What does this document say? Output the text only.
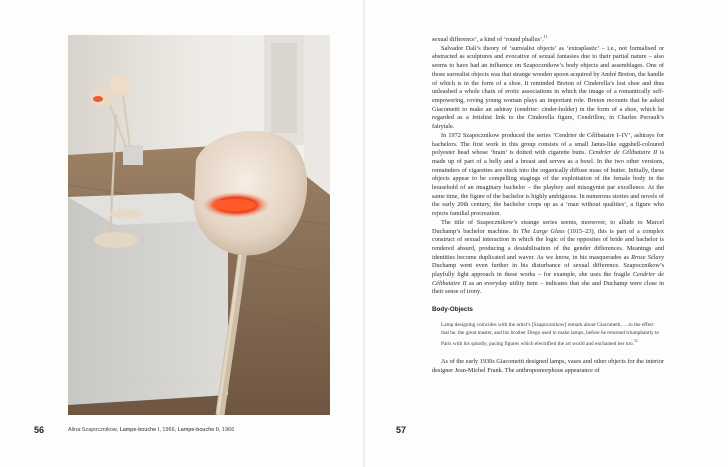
56	Alina Szapocznikow, Lampe-bouche I, 1966, Lampe-bouche II, 1966

sexual difference’, a kind of ‘round phallus’.$^{11}$

Salvador Dalí’s theory of ‘surrealist objects’ as ‘extraplastic’ – i.e., not formalised or abstracted as sculptures and evocative of sexual fantasies due to their partial nature – also seems to have had an influence on Szapocznikow’s body objects and assemblages. One of those surrealist objects was that strange wooden spoon acquired by André Breton, the handle of which is in the form of a shoe. It reminded Breton of Cinderella’s lost shoe and thus unleashed a whole chain of erotic associations in which the image of a romantically self-empowering, roving young woman plays an important role. Breton recounts that he asked Giacometti to make an ashtray (cendrier: cinder-holder) in the form of a shoe, which he regarded as a fetishist link to the Cinderella figure, Cendrillon, in Charles Perrault’s fairytale.

In 1972 Szapocznikow produced the series ‘Cendrier de Célibataire I–IV’, ashtrays for bachelors. The first work in this group consists of a small Janus-like eggshell-coloured polyester head whose ‘brain’ is dotted with cigarette butts. Cendrier de Célibataire II is made up of part of a belly and a breast and serves as a bowl. In the two other versions, remainders of cigarettes are stuck into the organically diffuse mass of butter. Initially, these objects appear to be compelling stagings of the exploitation of the female body in the household of an imaginary bachelor – the playboy and misogynist par excellence. At the same time, the figure of the bachelor is highly ambiguous. In numerous stories and novels of the early 20th century, the bachelor crops up as a ‘man without qualities’, a figure who rejects familial procreation.

The title of Szapocznikow’s strange series seems, moreover, to allude to Marcel Duchamp’s bachelor machine. In The Large Glass (1915–23), this is part of a complex construct of sexual interaction in which the logic of the opposites of bride and bachelor is rendered absurd, producing a destabilisation of the gender differences. Meanings and identities become duplicated and waver. As we know, in his masquerades as Rrose Sélavy Duchamp went even further in his disturbance of sexual difference. Szapocznikow’s playfully light approach in these works – for example, she uses the fragile Cendrier de Célibataire II as an everyday utility item – indicates that she and Duchamp were close in their sense of irony.

Body-Objects

Lamp designing coincides with the artist’s [Szapocznikow] remark about Giacometti, …to the effect that he, the great master, and his brother Diego used to make lamps, before he returned triumphantly to Paris with his spindly, pacing figures which electrified the art world and enchanted her too.$^{12}$

As of the early 1930s Giacometti designed lamps, vases and other objects for the interior designer Jean-Michel Frank. The anthropomorphous appearance of

57
